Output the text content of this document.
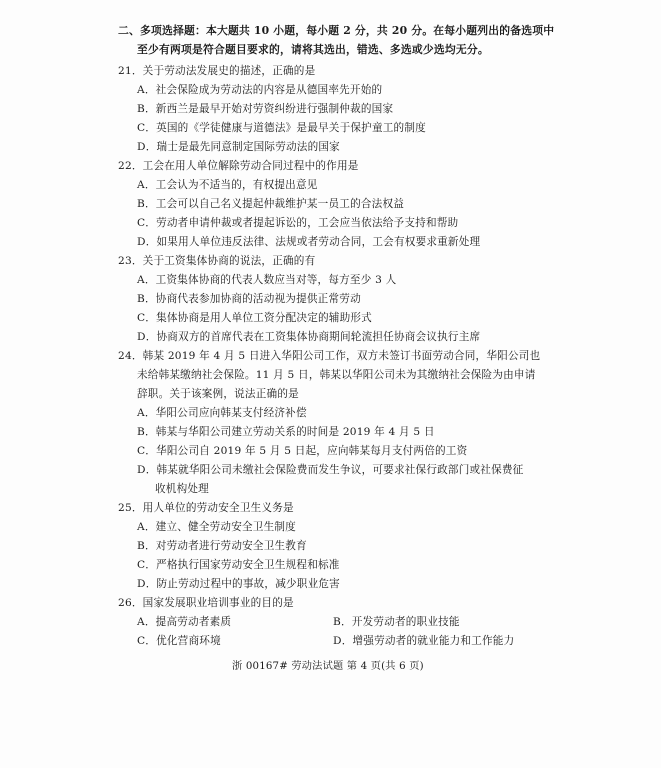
二、多项选择题：本大题共 10 小题，每小题 2 分，共 20 分。在每小题列出的备选项中
至少有两项是符合题目要求的，请将其选出，错选、多选或少选均无分。
21．关于劳动法发展史的描述，正确的是
A．社会保险成为劳动法的内容是从德国率先开始的
B．新西兰是最早开始对劳资纠纷进行强制仲裁的国家
C．英国的《学徒健康与道德法》是最早关于保护童工的制度
D．瑞士是最先同意制定国际劳动法的国家
22．工会在用人单位解除劳动合同过程中的作用是
A．工会认为不适当的，有权提出意见
B．工会可以自己名义提起仲裁维护某一员工的合法权益
C．劳动者申请仲裁或者提起诉讼的，工会应当依法给予支持和帮助
D．如果用人单位违反法律、法规或者劳动合同，工会有权要求重新处理
23．关于工资集体协商的说法，正确的有
A．工资集体协商的代表人数应当对等，每方至少 3 人
B．协商代表参加协商的活动视为提供正常劳动
C．集体协商是用人单位工资分配决定的辅助形式
D．协商双方的首席代表在工资集体协商期间轮流担任协商会议执行主席
24．韩某 2019 年 4 月 5 日进入华阳公司工作，双方未签订书面劳动合同，华阳公司也
未给韩某缴纳社会保险。11 月 5 日，韩某以华阳公司未为其缴纳社会保险为由申请
辞职。关于该案例，说法正确的是
A．华阳公司应向韩某支付经济补偿
B．韩某与华阳公司建立劳动关系的时间是 2019 年 4 月 5 日
C．华阳公司自 2019 年 5 月 5 日起，应向韩某每月支付两倍的工资
D．韩某就华阳公司未缴社会保险费而发生争议，可要求社保行政部门或社保费征
收机构处理
25．用人单位的劳动安全卫生义务是
A．建立、健全劳动安全卫生制度
B．对劳动者进行劳动安全卫生教育
C．严格执行国家劳动安全卫生规程和标准
D．防止劳动过程中的事故，减少职业危害
26．国家发展职业培训事业的目的是
A．提高劳动者素质	B．开发劳动者的职业技能
C．优化营商环境	D．增强劳动者的就业能力和工作能力
浙 00167# 劳动法试题 第 4 页(共 6 页)
